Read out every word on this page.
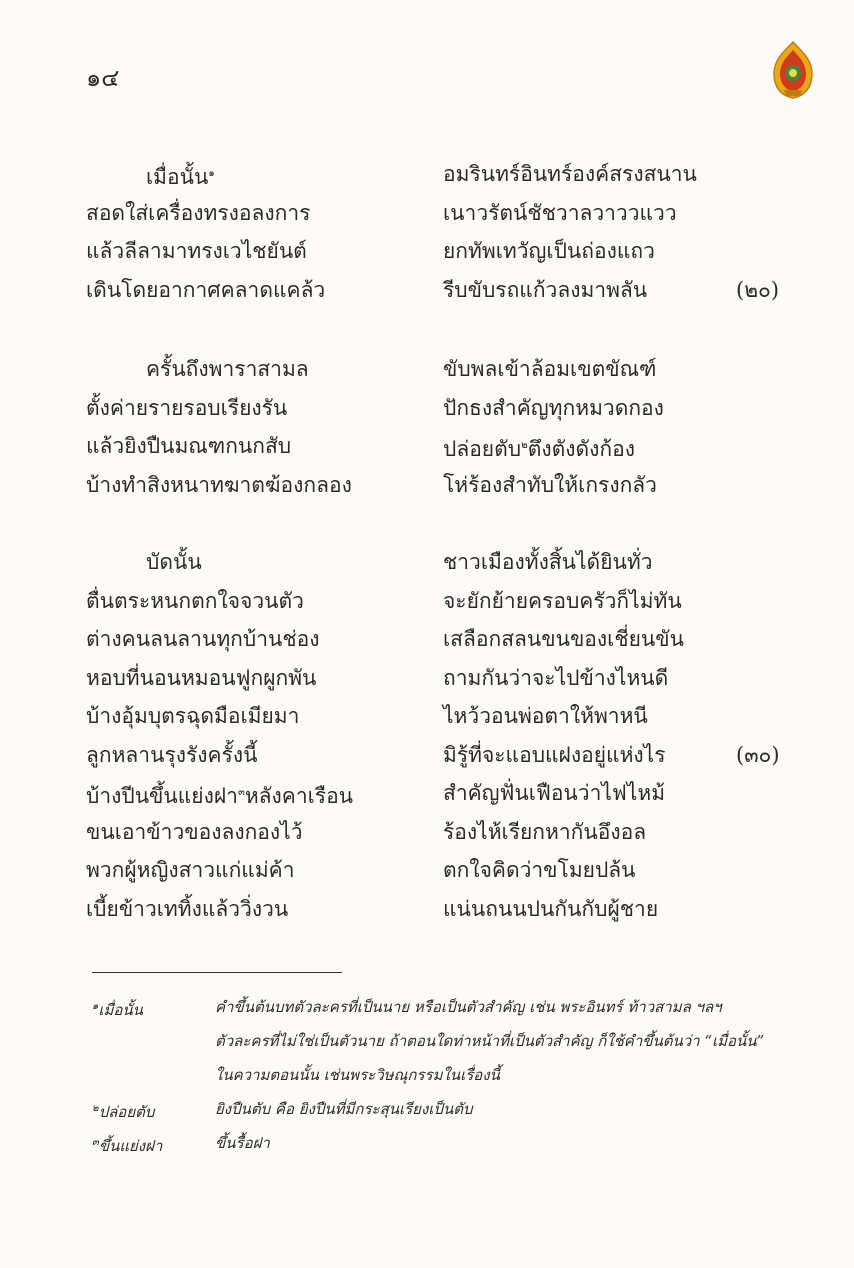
๑๔
เมื่อนั้น$^๑$	อมรินทร์อินทร์องค์สรงสนาน
สอดใส่เครื่องทรงอลงการ	เนาวรัตน์ชัชวาลวาววแวว
แล้วลีลามาทรงเวไชยันต์	ยกทัพเทวัญเป็นถ่องแถว
เดินโดยอากาศคลาดแคล้ว	รีบขับรถแก้วลงมาพลัน	(๒๐)
ครั้นถึงพาราสามล	ขับพลเข้าล้อมเขตขัณฑ์
ตั้งค่ายรายรอบเรียงรัน	ปักธงสำคัญทุกหมวดกอง
แล้วยิงปืนมณฑกนกสับ	ปล่อยตับ$^๒$ตึงตังดังก้อง
บ้างทำสิงหนาทฆาตฆ้องกลอง	โห่ร้องสำทับให้เกรงกลัว
บัดนั้น	ชาวเมืองทั้งสิ้นได้ยินทั่ว
ตื่นตระหนกตกใจจวนตัว	จะยักย้ายครอบครัวก็ไม่ทัน
ต่างคนลนลานทุกบ้านช่อง	เสลือกสลนขนของเชี่ยนขัน
หอบที่นอนหมอนฟูกผูกพัน	ถามกันว่าจะไปข้างไหนดี
บ้างอุ้มบุตรฉุดมือเมียมา	ไหว้วอนพ่อตาให้พาหนี
ลูกหลานรุงรังครั้งนี้	มิรู้ที่จะแอบแฝงอยู่แห่งไร	(๓๐)
บ้างปีนขึ้นแย่งฝา$^๓$หลังคาเรือน	สำคัญฟั่นเฟือนว่าไฟไหม้
ขนเอาข้าวของลงกองไว้	ร้องไห้เรียกหากันอึงอล
พวกผู้หญิงสาวแก่แม่ค้า	ตกใจคิดว่าขโมยปล้น
เบี้ยข้าวเททิ้งแล้ววิ่งวน	แน่นถนนปนกันกับผู้ชาย
$^๑$เมื่อนั้น	คำขึ้นต้นบทตัวละครที่เป็นนาย หรือเป็นตัวสำคัญ เช่น พระอินทร์ ท้าวสามล ฯลฯ
ตัวละครที่ไม่ใช่เป็นตัวนาย ถ้าตอนใดท่าหน้าที่เป็นตัวสำคัญ ก็ใช้คำขึ้นต้นว่า “เมื่อนั้น”
ในความตอนนั้น เช่นพระวิษณุกรรมในเรื่องนี้
$^๒$ปล่อยตับ	ยิงปืนตับ คือ ยิงปืนที่มีกระสุนเรียงเป็นตับ
$^๓$ขึ้นแย่งฝา	ขึ้นรื้อฝา
